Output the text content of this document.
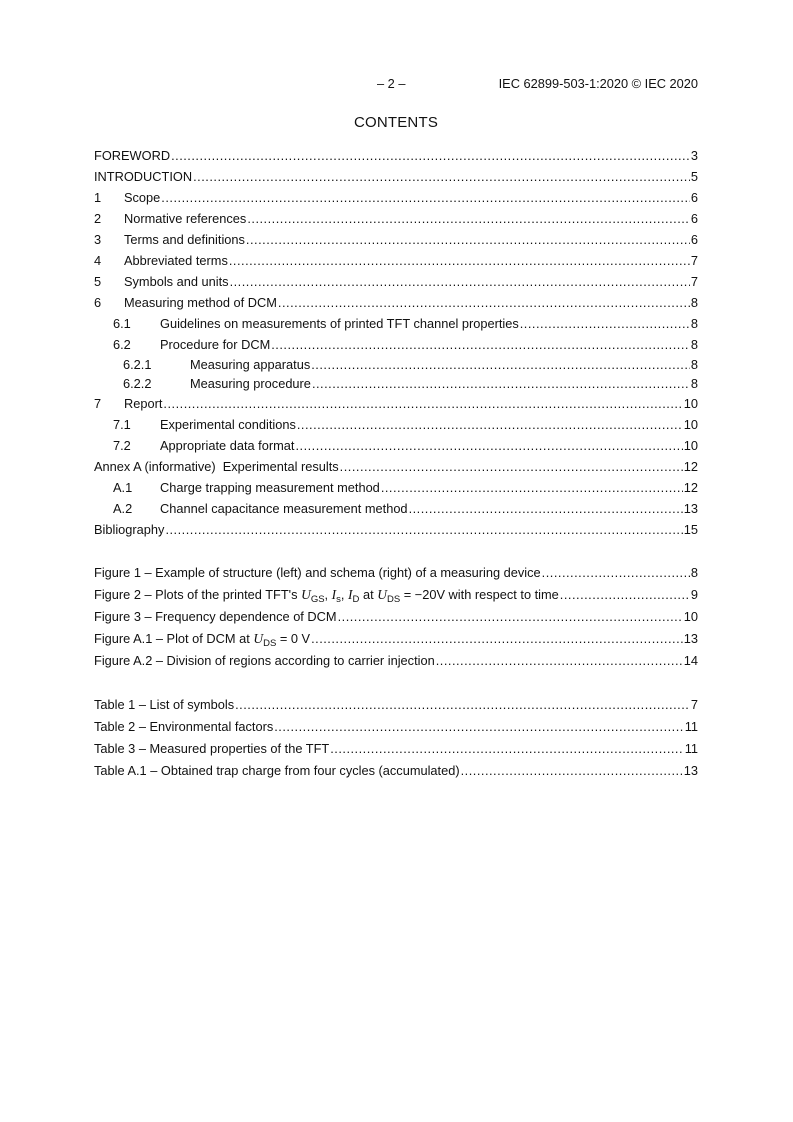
– 2 –	IEC 62899-503-1:2020 © IEC 2020
CONTENTS
FOREWORD .....	3
INTRODUCTION .....	5
1	Scope .....	6
2	Normative references .....	6
3	Terms and definitions .....	6
4	Abbreviated terms .....	7
5	Symbols and units .....	7
6	Measuring method of DCM .....	8
6.1	Guidelines on measurements of printed TFT channel properties .....	8
6.2	Procedure for DCM .....	8
6.2.1	Measuring apparatus .....	8
6.2.2	Measuring procedure .....	8
7	Report .....	10
7.1	Experimental conditions .....	10
7.2	Appropriate data format .....	10
Annex A (informative)  Experimental results .....	12
A.1	Charge trapping measurement method .....	12
A.2	Channel capacitance measurement method .....	13
Bibliography .....	15
Figure 1 – Example of structure (left) and schema (right) of a measuring device .....	8
Figure 2 – Plots of the printed TFT's $U_{GS}$, $I_s$, $I_D$ at $U_{DS} = -20V$ with respect to time .....	9
Figure 3 – Frequency dependence of DCM .....	10
Figure A.1 – Plot of DCM at $U_{DS} = 0$ V .....	13
Figure A.2 – Division of regions according to carrier injection .....	14
Table 1 – List of symbols .....	7
Table 2 – Environmental factors .....	11
Table 3 – Measured properties of the TFT .....	11
Table A.1 – Obtained trap charge from four cycles (accumulated) .....	13
